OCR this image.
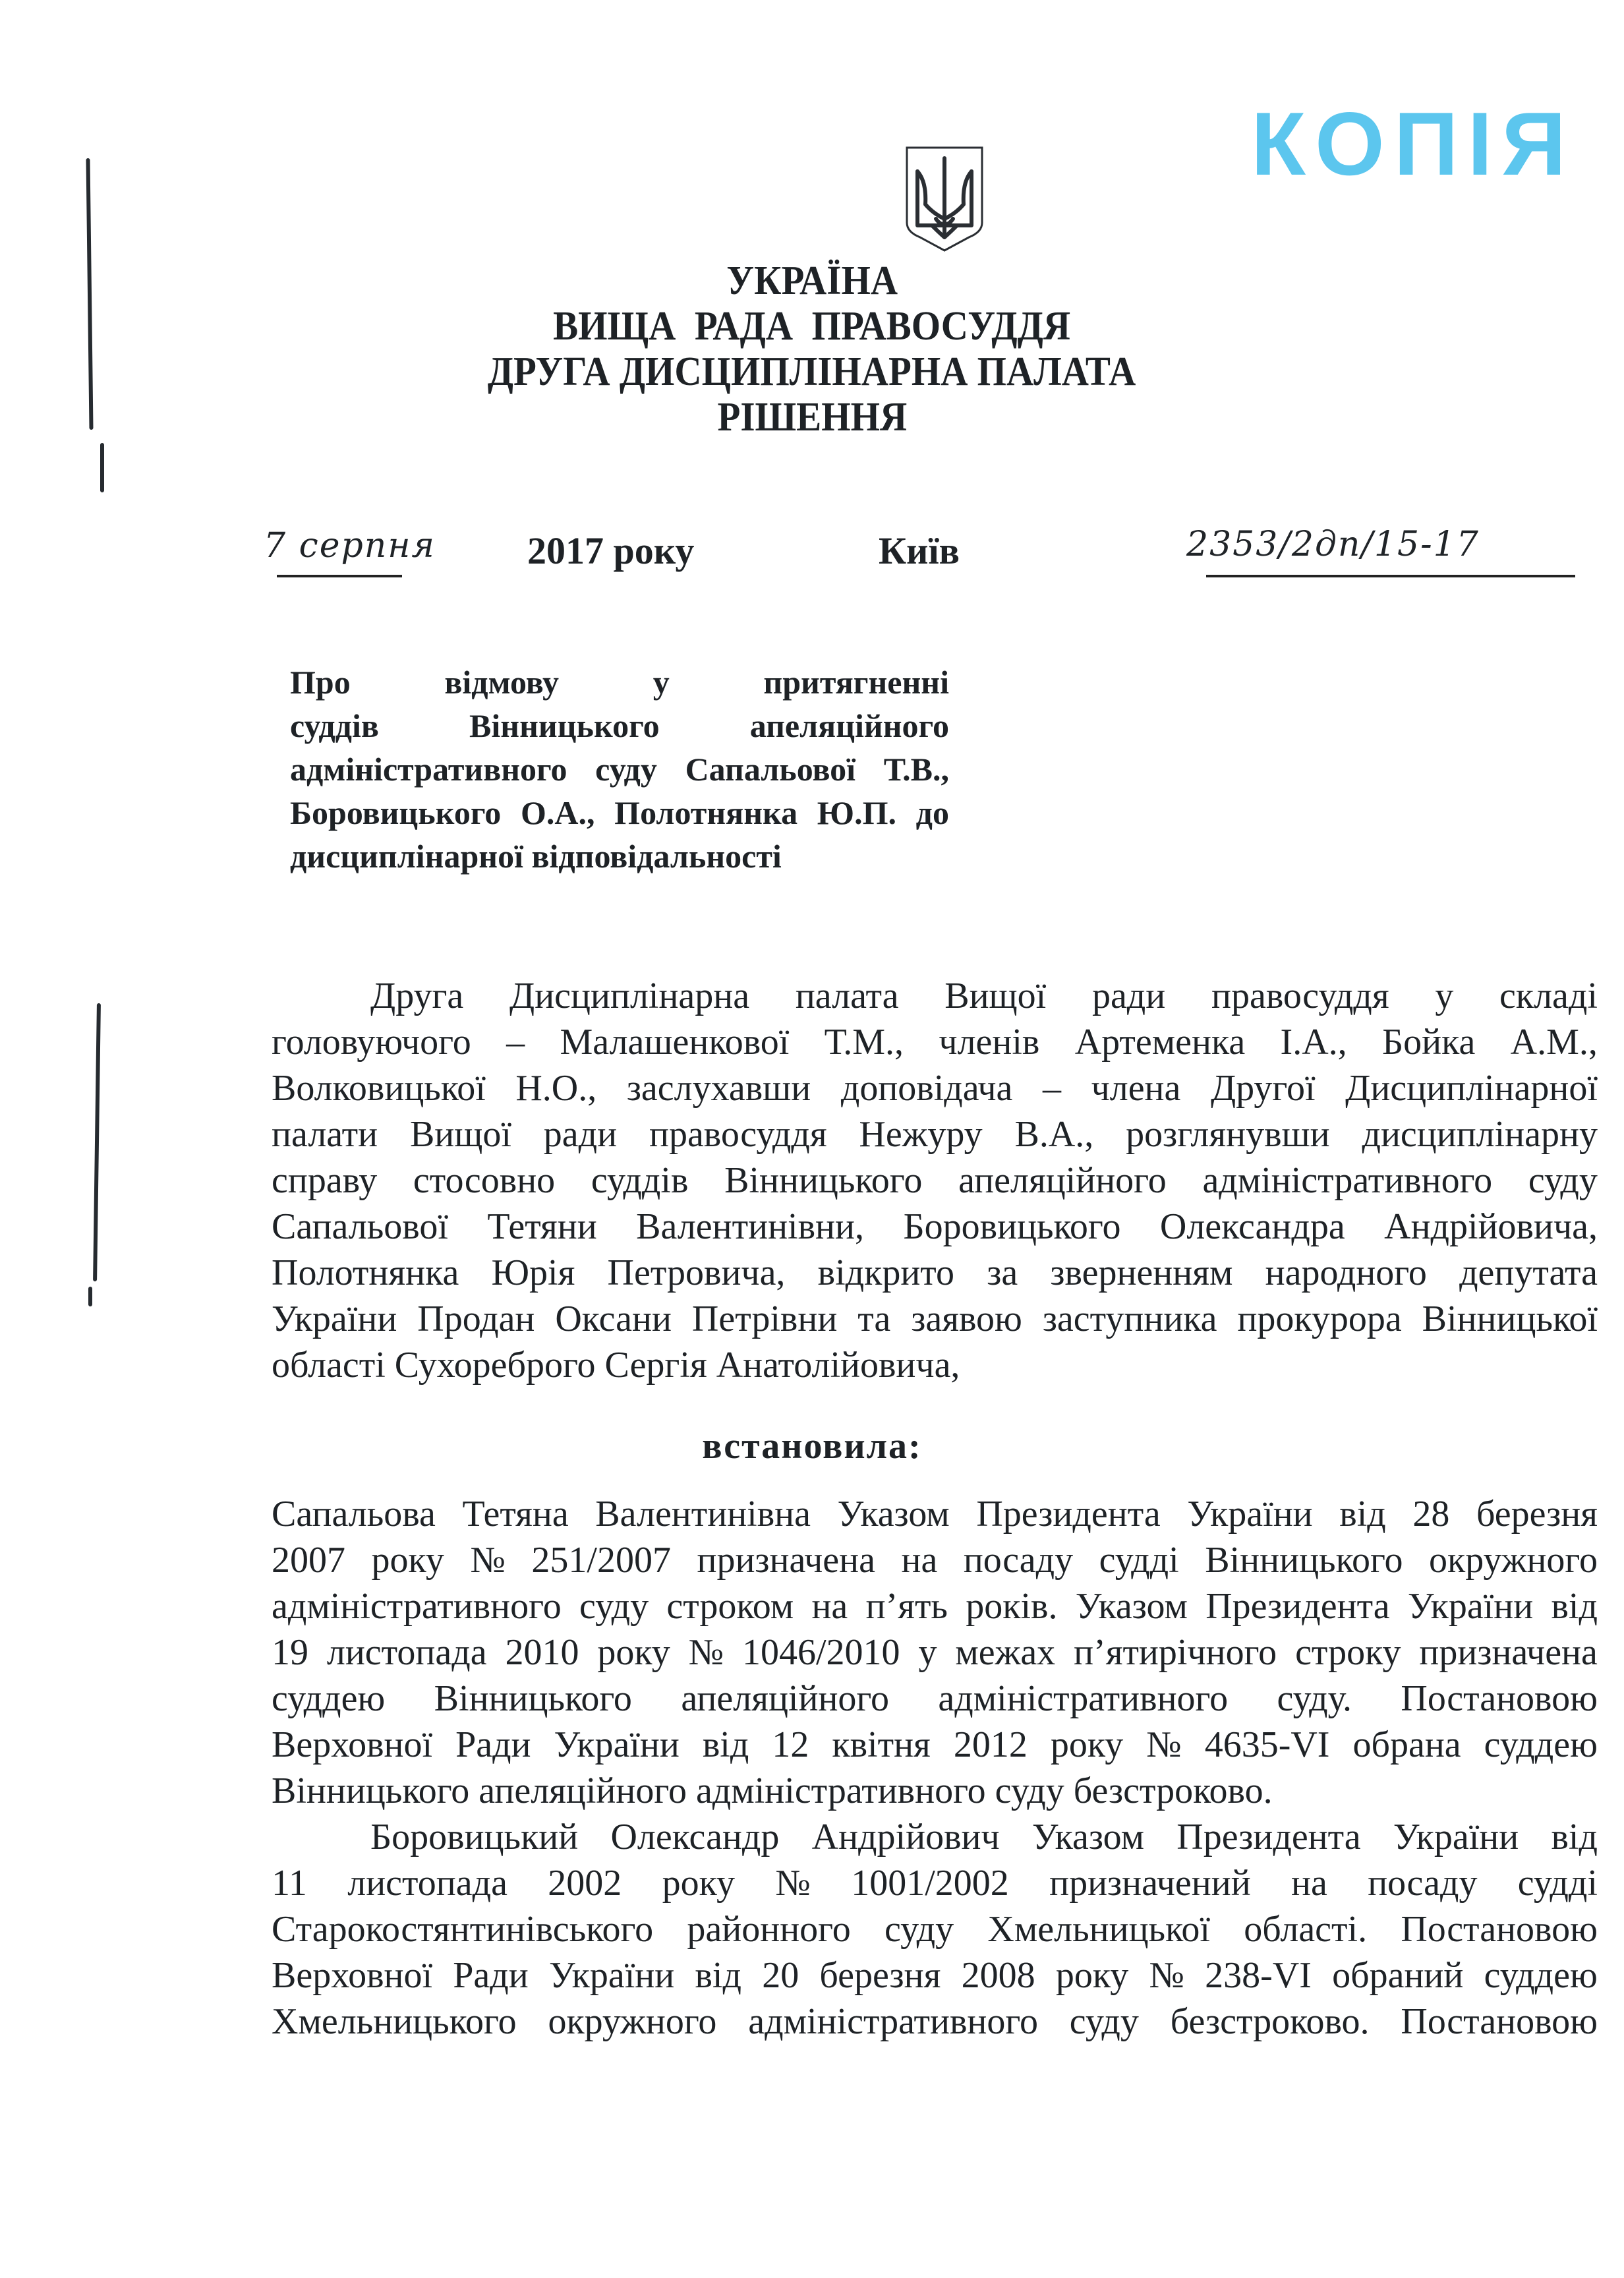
КОПІЯ
УКРАЇНА
ВИЩА  РАДА  ПРАВОСУДДЯ
ДРУГА ДИСЦИПЛІНАРНА ПАЛАТА
РІШЕННЯ
7 серпня 2017 року	Київ	2353/2дп/15-17
Про	відмову	у	притягненні
суддів	Вінницького	апеляційного
адміністративного суду Сапальової Т.В.,
Боровицького О.А., Полотнянка Ю.П. до
дисциплінарної відповідальності
Друга Дисциплінарна палата Вищої ради правосуддя у складі
головуючого – Малашенкової Т.М., членів Артеменка І.А., Бойка А.М.,
Волковицької Н.О., заслухавши доповідача – члена Другої Дисциплінарної
палати Вищої ради правосуддя Нежуру В.А., розглянувши дисциплінарну
справу стосовно суддів Вінницького апеляційного адміністративного суду
Сапальової Тетяни Валентинівни, Боровицького Олександра Андрійовича,
Полотнянка Юрія Петровича, відкрито за зверненням народного депутата
України Продан Оксани Петрівни та заявою заступника прокурора Вінницької
області Сухореброго Сергія Анатолійовича,
встановила:
Сапальова Тетяна Валентинівна Указом Президента України від 28 березня
2007 року № 251/2007 призначена на посаду судді Вінницького окружного
адміністративного суду строком на п’ять років. Указом Президента України від
19 листопада 2010 року № 1046/2010 у межах п’ятирічного строку призначена
суддею Вінницького апеляційного адміністративного суду. Постановою
Верховної Ради України від 12 квітня 2012 року № 4635-VI обрана суддею
Вінницького апеляційного адміністративного суду безстроково.
Боровицький Олександр Андрійович Указом Президента України від
11 листопада 2002 року № 1001/2002 призначений на посаду судді
Старокостянтинівського районного суду Хмельницької області. Постановою
Верховної Ради України від 20 березня 2008 року № 238-VI обраний суддею
Хмельницького окружного адміністративного суду безстроково. Постановою
